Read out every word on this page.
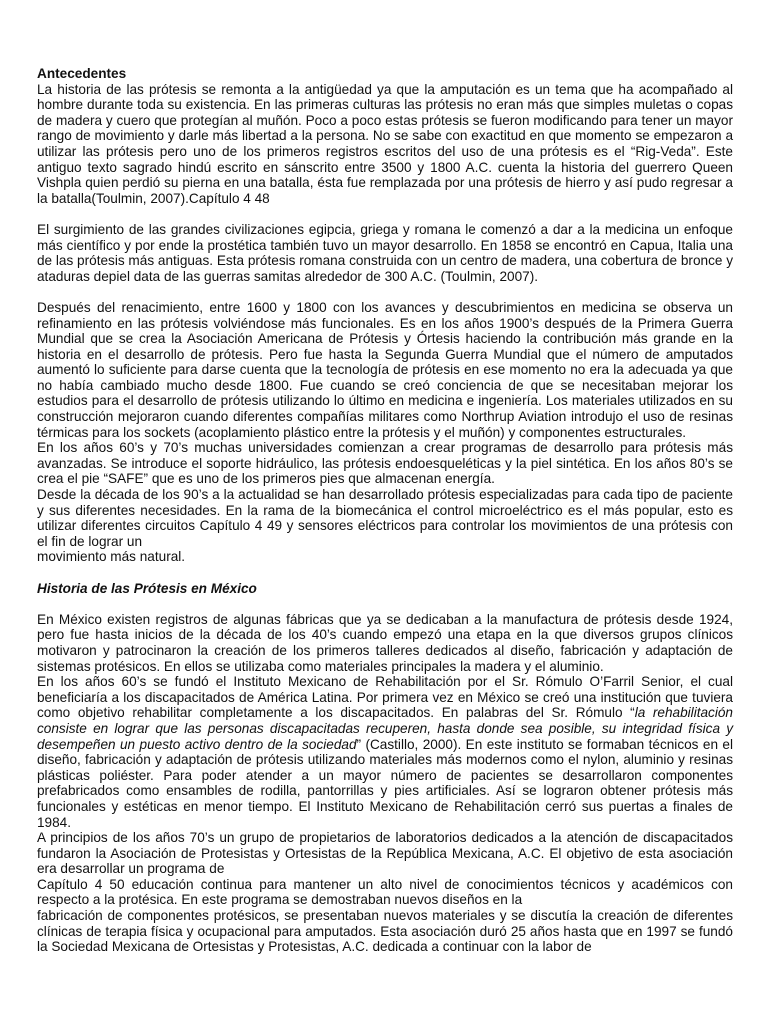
Antecedentes

La historia de las prótesis se remonta a la antigüedad ya que la amputación es un tema que ha acompañado al hombre durante toda su existencia. En las primeras culturas las prótesis no eran más que simples muletas o copas de madera y cuero que protegían al muñón. Poco a poco estas prótesis se fueron modificando para tener un mayor rango de movimiento y darle más libertad a la persona. No se sabe con exactitud en que momento se empezaron a utilizar las prótesis pero uno de los primeros registros escritos del uso de una prótesis es el “Rig-Veda”. Este antiguo texto sagrado hindú escrito en sánscrito entre 3500 y 1800 A.C. cuenta la historia del guerrero Queen Vishpla quien perdió su pierna en una batalla, ésta fue remplazada por una prótesis de hierro y así pudo regresar a la batalla(Toulmin, 2007).Capítulo 4 48

El surgimiento de las grandes civilizaciones egipcia, griega y romana le comenzó a dar a la medicina un enfoque más científico y por ende la prostética también tuvo un mayor desarrollo. En 1858 se encontró en Capua, Italia una de las prótesis más antiguas. Esta prótesis romana construida con un centro de madera, una cobertura de bronce y ataduras depiel data de las guerras samitas alrededor de 300 A.C. (Toulmin, 2007).

Después del renacimiento, entre 1600 y 1800 con los avances y descubrimientos en medicina se observa un refinamiento en las prótesis volviéndose más funcionales. Es en los años 1900’s después de la Primera Guerra Mundial que se crea la Asociación Americana de Prótesis y Órtesis haciendo la contribución más grande en la historia en el desarrollo de prótesis. Pero fue hasta la Segunda Guerra Mundial que el número de amputados aumentó lo suficiente para darse cuenta que la tecnología de prótesis en ese momento no era la adecuada ya que no había cambiado mucho desde 1800. Fue cuando se creó conciencia de que se necesitaban mejorar los estudios para el desarrollo de prótesis utilizando lo último en medicina e ingeniería. Los materiales utilizados en su construcción mejoraron cuando diferentes compañías militares como Northrup Aviation introdujo el uso de resinas térmicas para los sockets (acoplamiento plástico entre la prótesis y el muñón) y componentes estructurales.

En los años 60’s y 70’s muchas universidades comienzan a crear programas de desarrollo para prótesis más avanzadas. Se introduce el soporte hidráulico, las prótesis endoesqueléticas y la piel sintética. En los años 80’s se crea el pie “SAFE” que es uno de los primeros pies que almacenan energía.

Desde la década de los 90’s a la actualidad se han desarrollado prótesis especializadas para cada tipo de paciente y sus diferentes necesidades. En la rama de la biomecánica el control microeléctrico es el más popular, esto es utilizar diferentes circuitos Capítulo 4 49 y sensores eléctricos para controlar los movimientos de una prótesis con el fin de lograr un

movimiento más natural.

Historia de las Prótesis en México

En México existen registros de algunas fábricas que ya se dedicaban a la manufactura de prótesis desde 1924, pero fue hasta inicios de la década de los 40’s cuando empezó una etapa en la que diversos grupos clínicos motivaron y patrocinaron la creación de los primeros talleres dedicados al diseño, fabricación y adaptación de sistemas protésicos. En ellos se utilizaba como materiales principales la madera y el aluminio.

En los años 60’s se fundó el Instituto Mexicano de Rehabilitación por el Sr. Rómulo O’Farril Senior, el cual beneficiaría a los discapacitados de América Latina. Por primera vez en México se creó una institución que tuviera como objetivo rehabilitar completamente a los discapacitados. En palabras del Sr. Rómulo “la rehabilitación consiste en lograr que las personas discapacitadas recuperen, hasta donde sea posible, su integridad física y desempeñen un puesto activo dentro de la sociedad” (Castillo, 2000). En este instituto se formaban técnicos en el diseño, fabricación y adaptación de prótesis utilizando materiales más modernos como el nylon, aluminio y resinas plásticas poliéster. Para poder atender a un mayor número de pacientes se desarrollaron componentes prefabricados como ensambles de rodilla, pantorrillas y pies artificiales. Así se lograron obtener prótesis más funcionales y estéticas en menor tiempo. El Instituto Mexicano de Rehabilitación cerró sus puertas a finales de 1984.

A principios de los años 70’s un grupo de propietarios de laboratorios dedicados a la atención de discapacitados fundaron la Asociación de Protesistas y Ortesistas de la República Mexicana, A.C. El objetivo de esta asociación era desarrollar un programa de

Capítulo 4 50 educación continua para mantener un alto nivel de conocimientos técnicos y académicos con respecto a la protésica. En este programa se demostraban nuevos diseños en la

fabricación de componentes protésicos, se presentaban nuevos materiales y se discutía la creación de diferentes clínicas de terapia física y ocupacional para amputados. Esta asociación duró 25 años hasta que en 1997 se fundó la Sociedad Mexicana de Ortesistas y Protesistas, A.C. dedicada a continuar con la labor de
